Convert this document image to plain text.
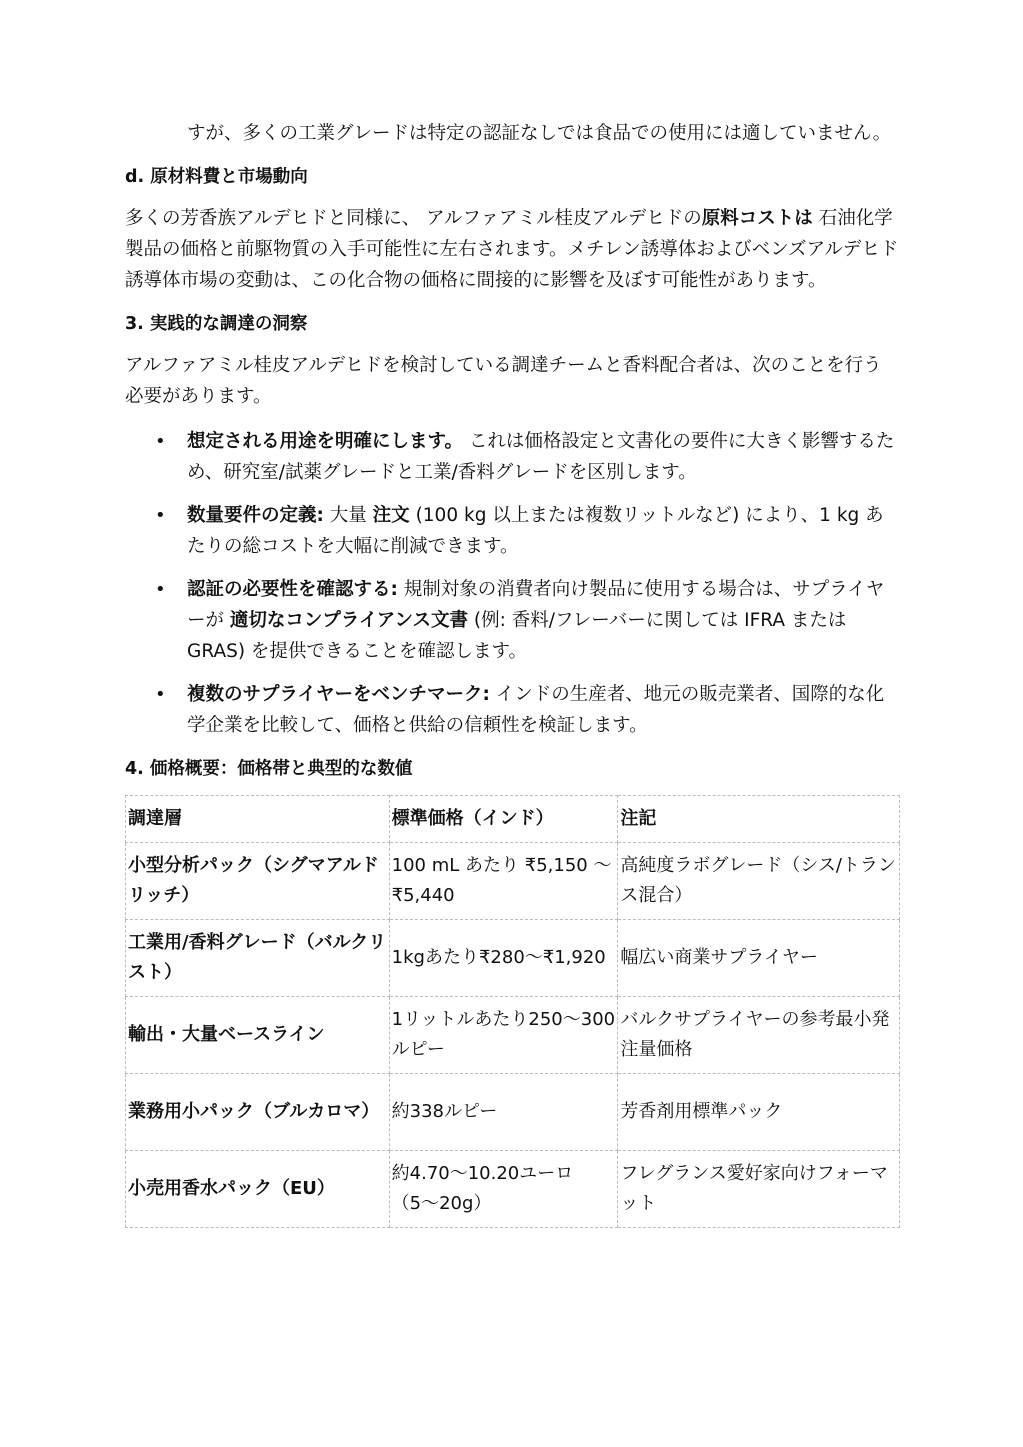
すが、多くの工業グレードは特定の認証なしでは食品での使用には適していません。
d. 原材料費と市場動向

多くの芳香族アルデヒドと同様に、 アルファアミル桂皮アルデヒドの原料コストは 石油化学製品の価格と前駆物質の入手可能性に左右されます。メチレン誘導体およびベンズアルデヒド誘導体市場の変動は、この化合物の価格に間接的に影響を及ぼす可能性があります。

3. 実践的な調達の洞察

アルファアミル桂皮アルデヒドを検討している調達チームと香料配合者は、次のことを行う必要があります。

• 想定される用途を明確にします。 これは価格設定と文書化の要件に大きく影響するため、研究室/試薬グレードと工業/香料グレードを区別します。
• 数量要件の定義: 大量 注文 (100 kg 以上または複数リットルなど) により、1 kg あたりの総コストを大幅に削減できます。
• 認証の必要性を確認する: 規制対象の消費者向け製品に使用する場合は、サプライヤーが 適切なコンプライアンス文書 (例: 香料/フレーバーに関しては IFRA または GRAS) を提供できることを確認します。
• 複数のサプライヤーをベンチマーク: インドの生産者、地元の販売業者、国際的な化学企業を比較して、価格と供給の信頼性を検証します。
4. 価格概要：価格帯と典型的な数値
調達層	標準価格（インド）	注記
小型分析パック（シグマアルドリッチ）	100 mL あたり ₹5,150 〜 ₹5,440	高純度ラボグレード（シス/トランス混合）
工業用/香料グレード（バルクリスト）	1kgあたり₹280〜₹1,920	幅広い商業サプライヤー
輸出・大量ベースライン	1リットルあたり250〜300ルピー	バルクサプライヤーの参考最小発注量価格
業務用小パック（ブルカロマ）	約338ルピー	芳香剤用標準パック
小売用香水パック（EU）	約4.70〜10.20ユーロ（5〜20g）	フレグランス愛好家向けフォーマット
